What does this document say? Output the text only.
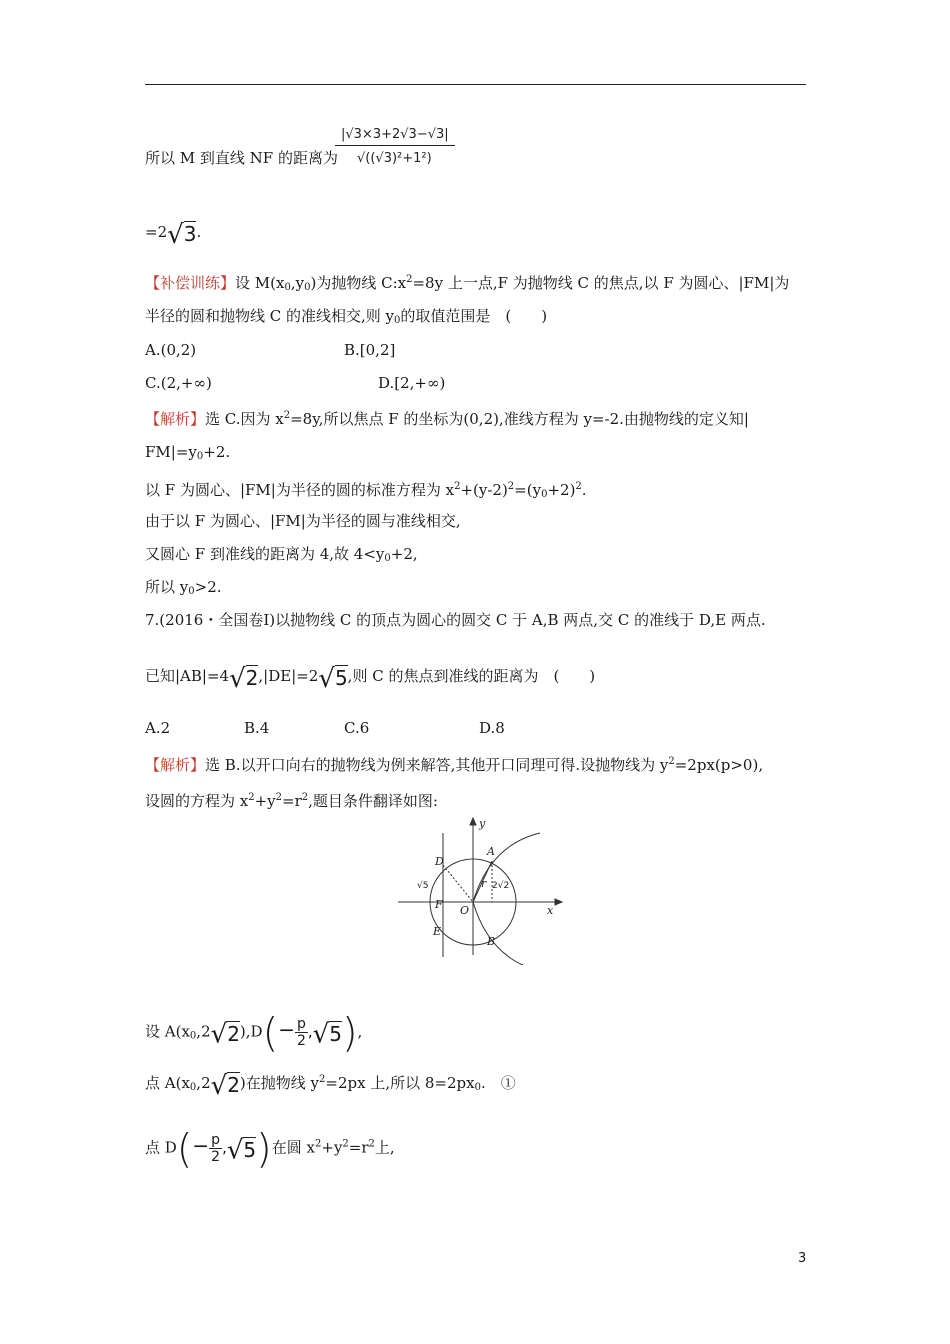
所以 M 到直线 NF 的距离为
$\frac{|√3\times 3+2√3-√3|}{\text{√((√3)²+1²)}}$
=2√3.
【补偿训练】设 $M(x_0,y_0)$为抛物线 $C:x^2=8y$ 上一点,F 为抛物线 C 的焦点,以 F 为圆心、|FM|为
半径的圆和抛物线 C 的准线相交,则 $y_0$的取值范围是　(　　)
A.(0,2)	B.[0,2]
C.(2,+∞)	D.[2,+∞)
【解析】选 C.因为 $x^2=8y$,所以焦点 F 的坐标为(0,2),准线方程为 y=-2.由抛物线的定义知|
$FM|=y_0+2$.
以 F 为圆心、|FM|为半径的圆的标准方程为 $x^2+(y-2)^2=(y_0+2)^2$.
由于以 F 为圆心、|FM|为半径的圆与准线相交,
又圆心 F 到准线的距离为 4,故 $4<y_0+2$,
所以 $y_0>2$.
7.(2016・全国卷Ⅰ)以抛物线 C 的顶点为圆心的圆交 C 于 A,B 两点,交 C 的准线于 D,E 两点.
已知|AB|=4√2,|DE|=2√5,则 C 的焦点到准线的距离为　(　　)
A.2	B.4	C.6	D.8
【解析】选 B.以开口向右的抛物线为例来解答,其他开口同理可得.设抛物线为 $y^2=2px(p>0)$,
设圆的方程为 $x^2+y^2=r^2$,题目条件翻译如图:
y
x
O
A
B
D
E
F
r 2√2
√5
设 $A(x_0,2√2),D(- \frac{p}{2} ,√5)$,
点 $A(x_0,2√2)$在抛物线 $y^2=2px$ 上,所以 $8=2px_0$.　①
点 $D(- \frac{p}{2} ,√5)$在圆 $x^2+y^2=r^2$上,
3
